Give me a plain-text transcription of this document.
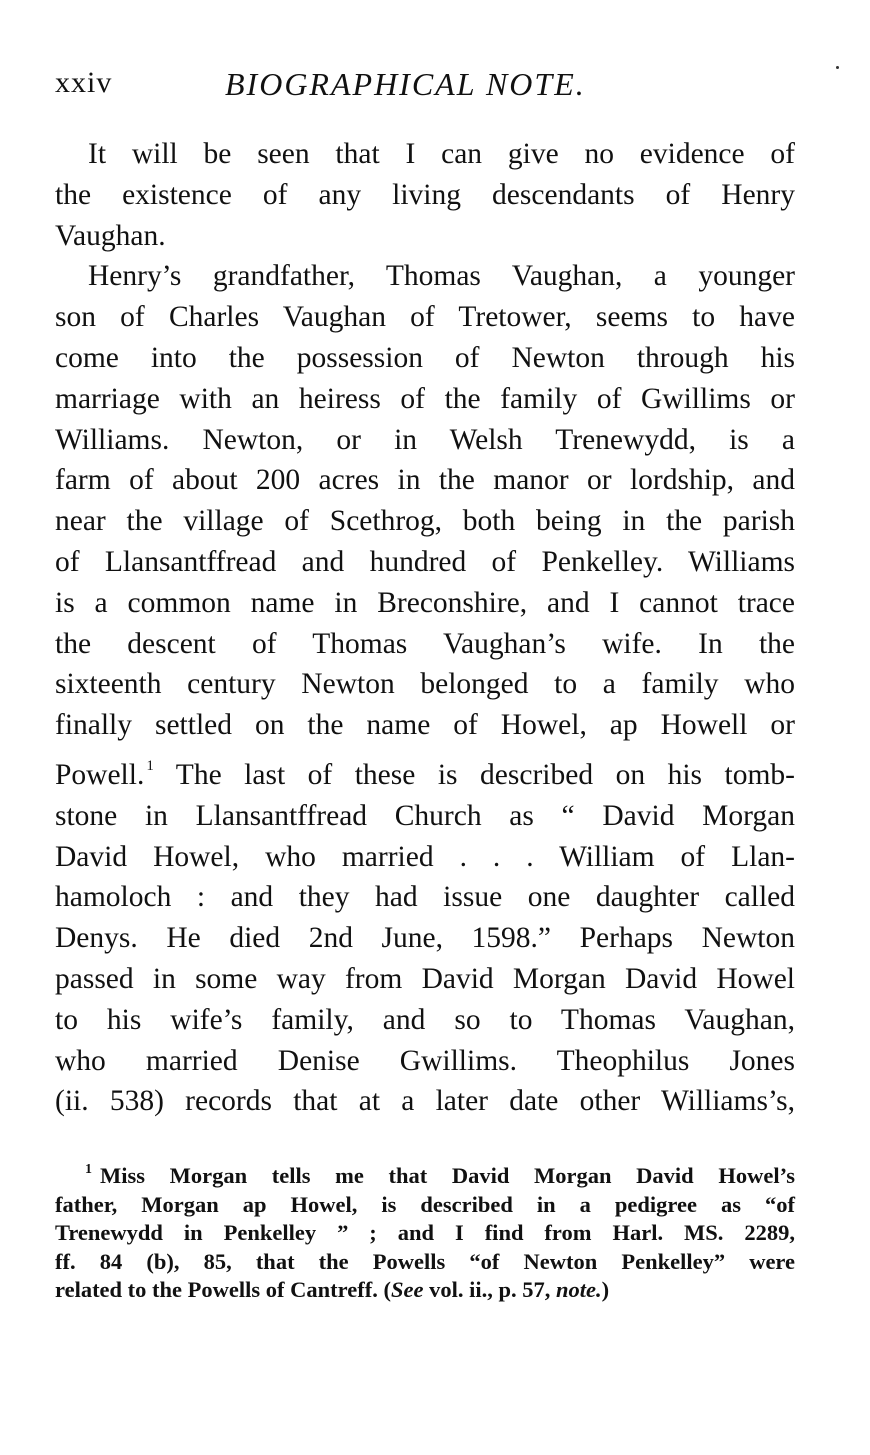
xxiv	BIOGRAPHICAL NOTE.
It will be seen that I can give no evidence of
the existence of any living descendants of Henry
Vaughan.
Henry’s grandfather, Thomas Vaughan, a younger
son of Charles Vaughan of Tretower, seems to have
come into the possession of Newton through his
marriage with an heiress of the family of Gwillims or
Williams. Newton, or in Welsh Trenewydd, is a
farm of about 200 acres in the manor or lordship, and
near the village of Scethrog, both being in the parish
of Llansantffread and hundred of Penkelley. Williams
is a common name in Breconshire, and I cannot trace
the descent of Thomas Vaughan’s wife. In the
sixteenth century Newton belonged to a family who
finally settled on the name of Howel, ap Howell or
Powell. $^1$ The last of these is described on his tomb-
stone in Llansantffread Church as “ David Morgan
David Howel, who married . . . William of Llan-
hamoloch : and they had issue one daughter called
Denys. He died 2nd June, 1598.” Perhaps Newton
passed in some way from David Morgan David Howel
to his wife’s family, and so to Thomas Vaughan,
who married Denise Gwillims. Theophilus Jones
(ii. 538) records that at a later date other Williams’s,
$^1$ Miss Morgan tells me that David Morgan David Howel’s
father, Morgan ap Howel, is described in a pedigree as “of
Trenewydd in Penkelley ” ; and I find from Harl. MS. 2289,
ff. 84 (b), 85, that the Powells “of Newton Penkelley” were
related to the Powells of Cantreff. (See vol. ii., p. 57, note.)
